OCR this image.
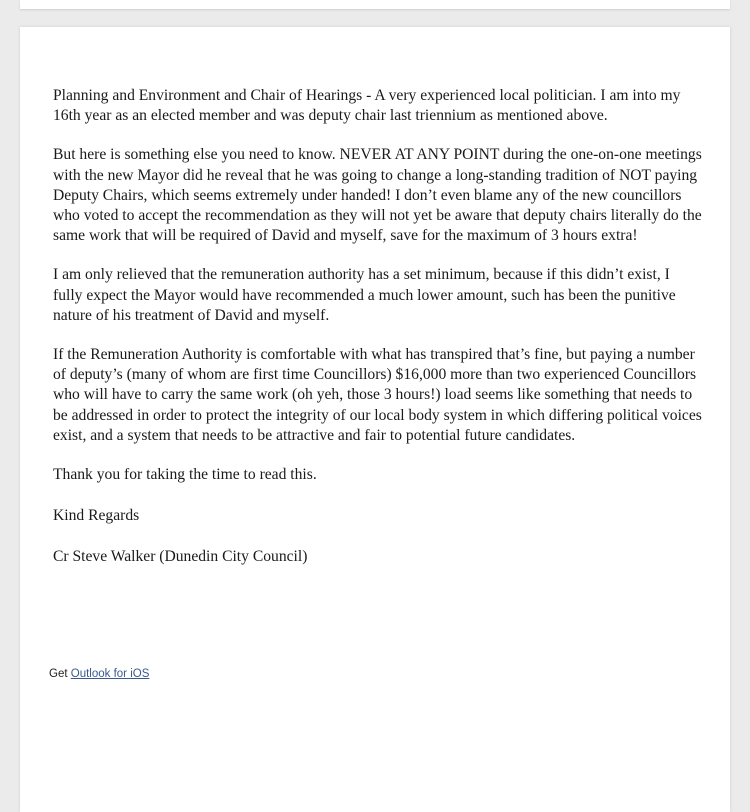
Planning and Environment and Chair of Hearings - A very experienced local politician. I am into my 16th year as an elected member and was deputy chair last triennium as mentioned above.

But here is something else you need to know. NEVER AT ANY POINT during the one-on-one meetings with the new Mayor did he reveal that he was going to change a long-standing tradition of NOT paying Deputy Chairs, which seems extremely under handed! I don’t even blame any of the new councillors who voted to accept the recommendation as they will not yet be aware that deputy chairs literally do the same work that will be required of David and myself, save for the maximum of 3 hours extra!

I am only relieved that the remuneration authority has a set minimum, because if this didn’t exist, I fully expect the Mayor would have recommended a much lower amount, such has been the punitive nature of his treatment of David and myself.

If the Remuneration Authority is comfortable with what has transpired that’s fine, but paying a number of deputy’s (many of whom are first time Councillors) $16,000 more than two experienced Councillors who will have to carry the same work (oh yeh, those 3 hours!) load seems like something that needs to be addressed in order to protect the integrity of our local body system in which differing political voices exist, and a system that needs to be attractive and fair to potential future candidates.

Thank you for taking the time to read this.

Kind Regards

Cr Steve Walker (Dunedin City Council)

Get Outlook for iOS
